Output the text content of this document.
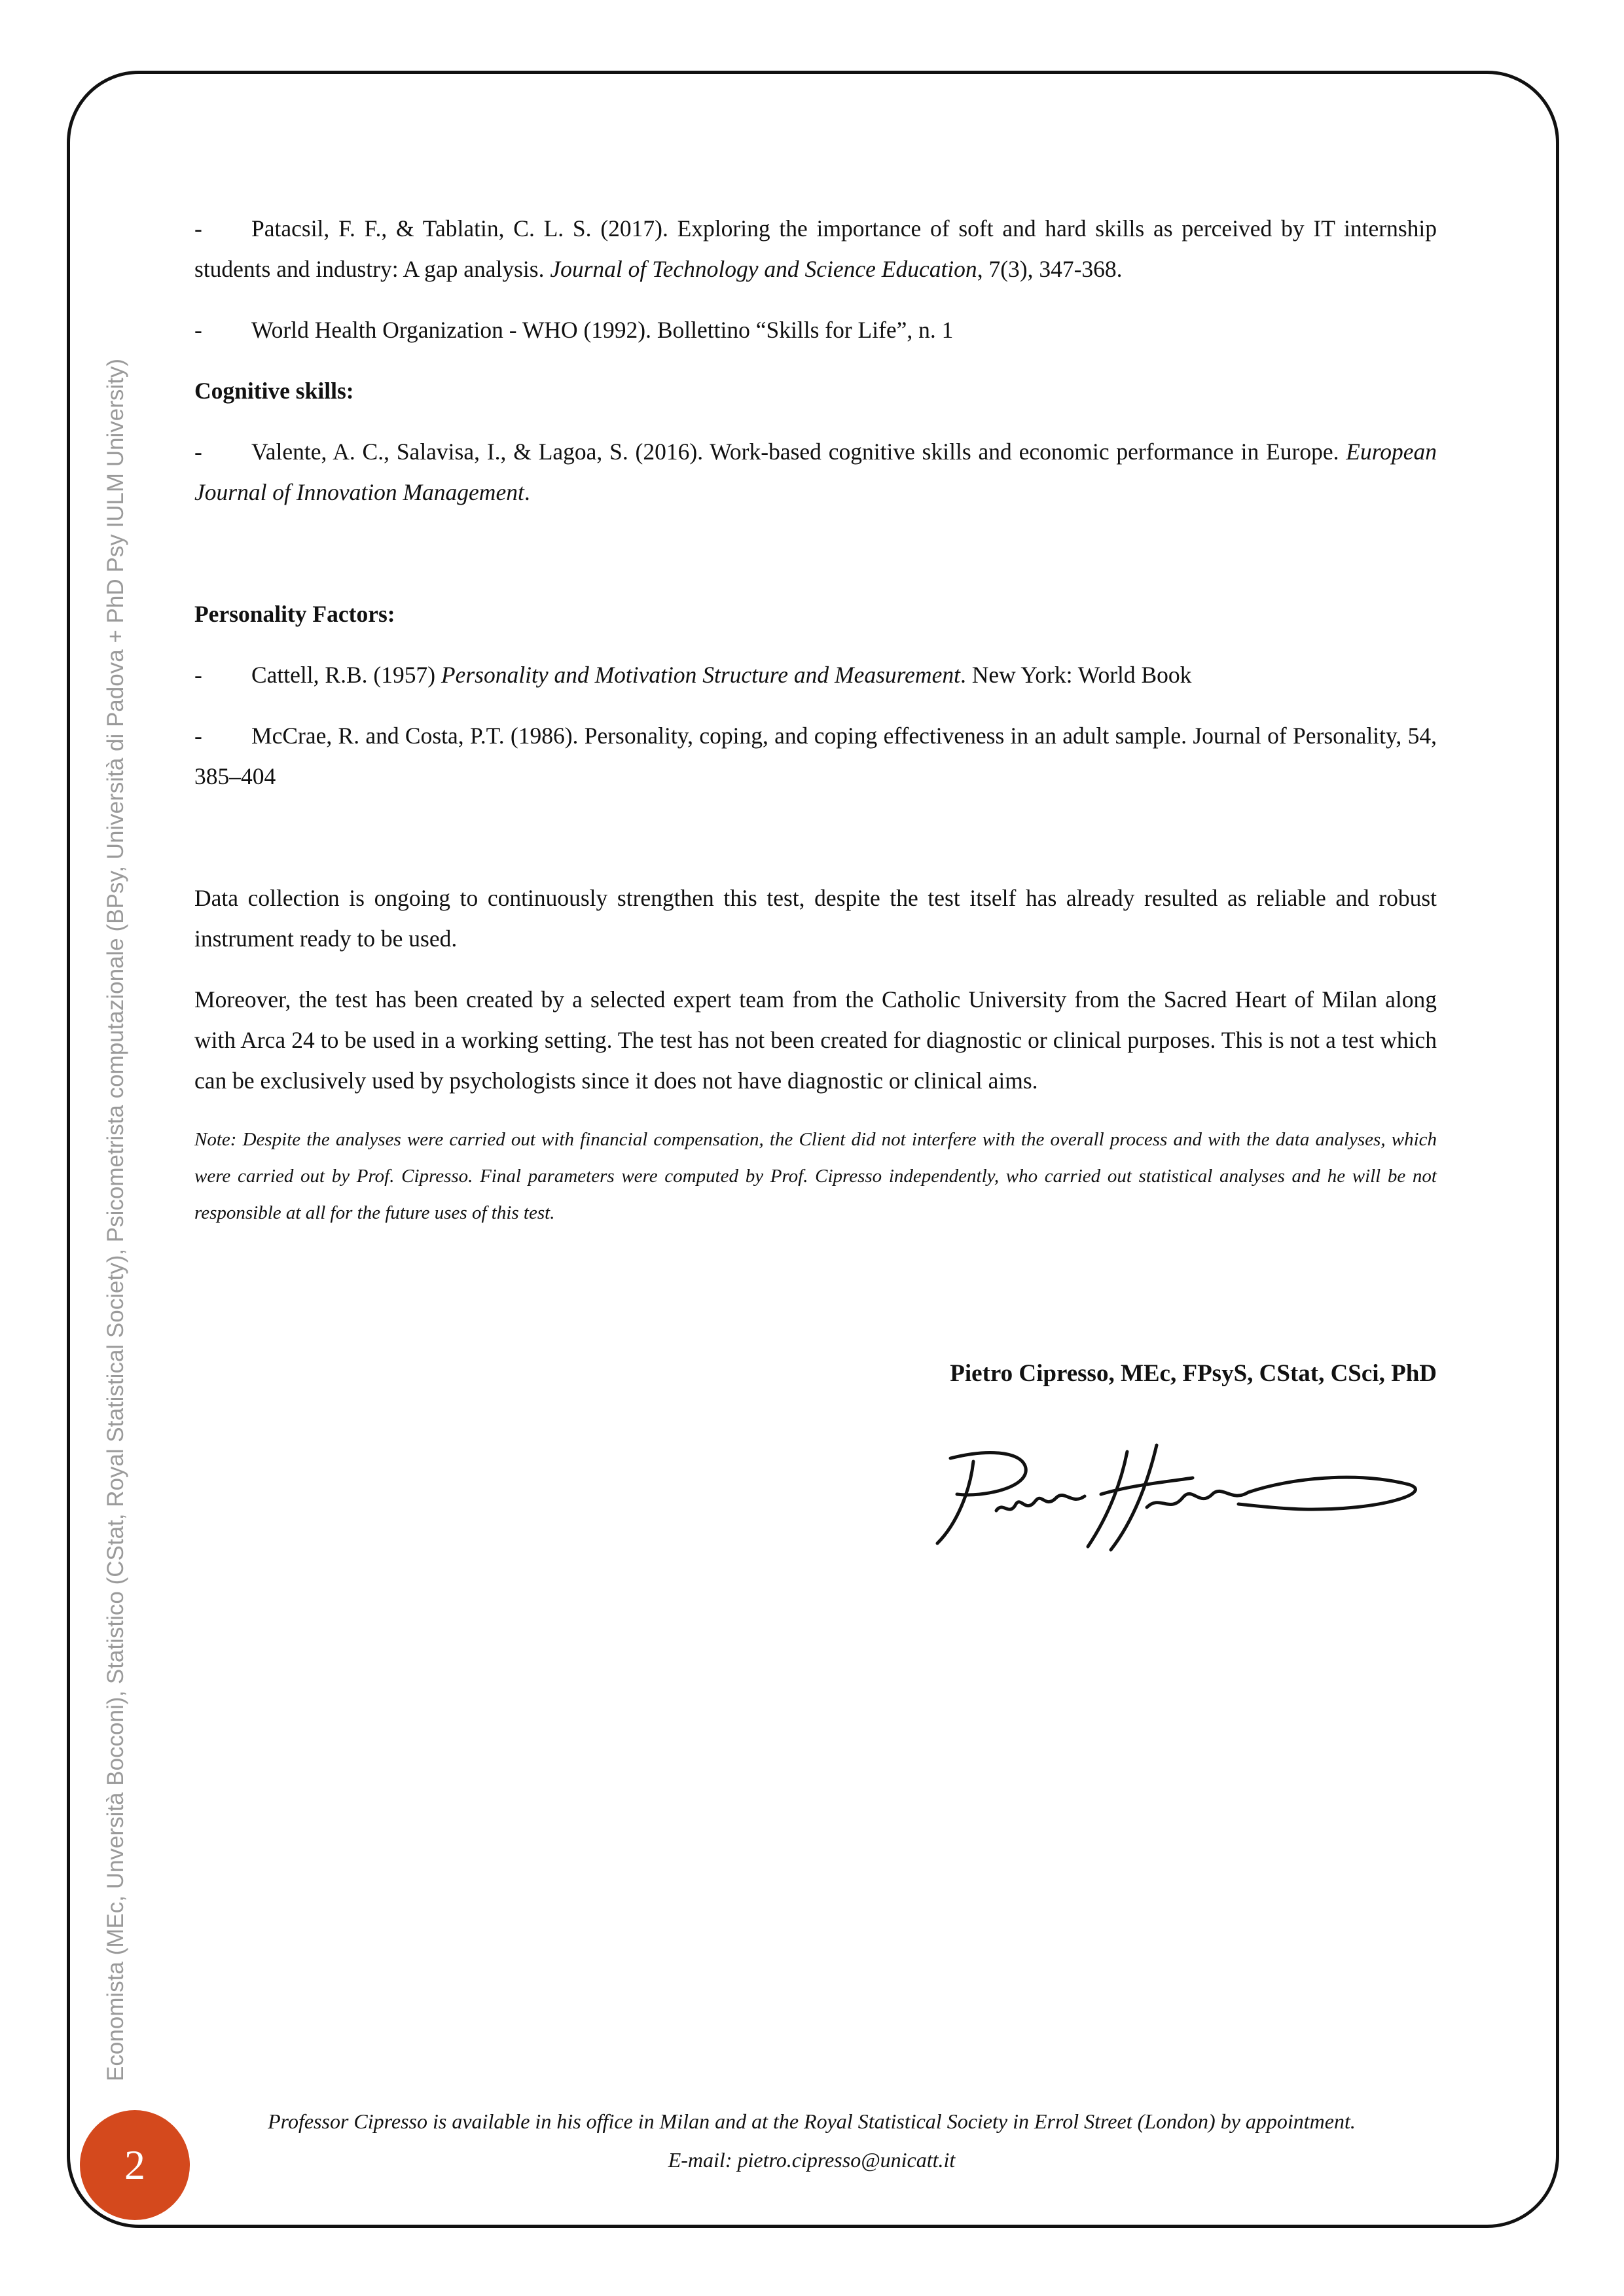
Economista (MEc, Unversità Bocconi), Statistico (CStat, Royal Statistical Society), Psicometrista computazionale (BPsy, Università di Padova + PhD Psy IULM University)

- Patacsil, F. F., & Tablatin, C. L. S. (2017). Exploring the importance of soft and hard skills as perceived by IT internship students and industry: A gap analysis. Journal of Technology and Science Education, 7(3), 347-368.

- World Health Organization - WHO (1992). Bollettino “Skills for Life”, n. 1

Cognitive skills:

- Valente, A. C., Salavisa, I., & Lagoa, S. (2016). Work-based cognitive skills and economic performance in Europe. European Journal of Innovation Management.

Personality Factors:

- Cattell, R.B. (1957) Personality and Motivation Structure and Measurement. New York: World Book

- McCrae, R. and Costa, P.T. (1986). Personality, coping, and coping effectiveness in an adult sample. Journal of Personality, 54, 385–404

Data collection is ongoing to continuously strengthen this test, despite the test itself has already resulted as reliable and robust instrument ready to be used.

Moreover, the test has been created by a selected expert team from the Catholic University from the Sacred Heart of Milan along with Arca 24 to be used in a working setting. The test has not been created for diagnostic or clinical purposes. This is not a test which can be exclusively used by psychologists since it does not have diagnostic or clinical aims.

Note: Despite the analyses were carried out with financial compensation, the Client did not interfere with the overall process and with the data analyses, which were carried out by Prof. Cipresso. Final parameters were computed by Prof. Cipresso independently, who carried out statistical analyses and he will be not responsible at all for the future uses of this test.

Pietro Cipresso, MEc, FPsyS, CStat, CSci, PhD
2
Professor Cipresso is available in his office in Milan and at the Royal Statistical Society in Errol Street (London) by appointment.
E-mail: pietro.cipresso@unicatt.it
